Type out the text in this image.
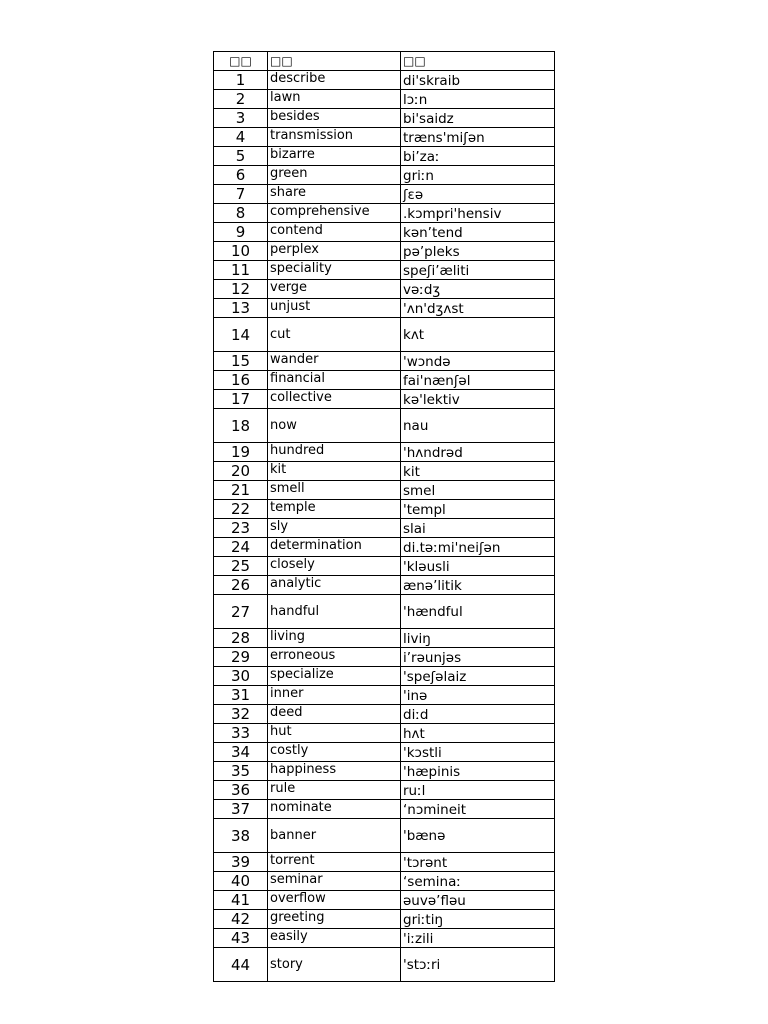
□□	□□	□□
1	describe	di'skraib
2	lawn	lɔːn
3	besides	bi'saidz
4	transmission	træns'miʃən
5	bizarre	bi’zaː
6	green	griːn
7	share	ʃɛə
8	comprehensive	.kɔmpri'hensiv
9	contend	kən’tend
10	perplex	pə’pleks
11	speciality	speʃi’æliti
12	verge	vəːdʒ
13	unjust	'ʌn'dʒʌst
14	cut	kʌt
15	wander	'wɔndə
16	financial	fai'nænʃəl
17	collective	kə'lektiv
18	now	nau
19	hundred	'hʌndrəd
20	kit	kit
21	smell	smel
22	temple	'templ
23	sly	slai
24	determination	di.təːmi'neiʃən
25	closely	'kləusli
26	analytic	ænə’litik
27	handful	'hændful
28	living	liviŋ
29	erroneous	i’rəunjəs
30	specialize	'speʃəlaiz
31	inner	'inə
32	deed	diːd
33	hut	hʌt
34	costly	'kɔstli
35	happiness	'hæpinis
36	rule	ruːl
37	nominate	‘nɔmineit
38	banner	'bænə
39	torrent	'tɔrənt
40	seminar	‘seminaː
41	overflow	əuvə’fləu
42	greeting	griːtiŋ
43	easily	'iːzili
44	story	'stɔːri
